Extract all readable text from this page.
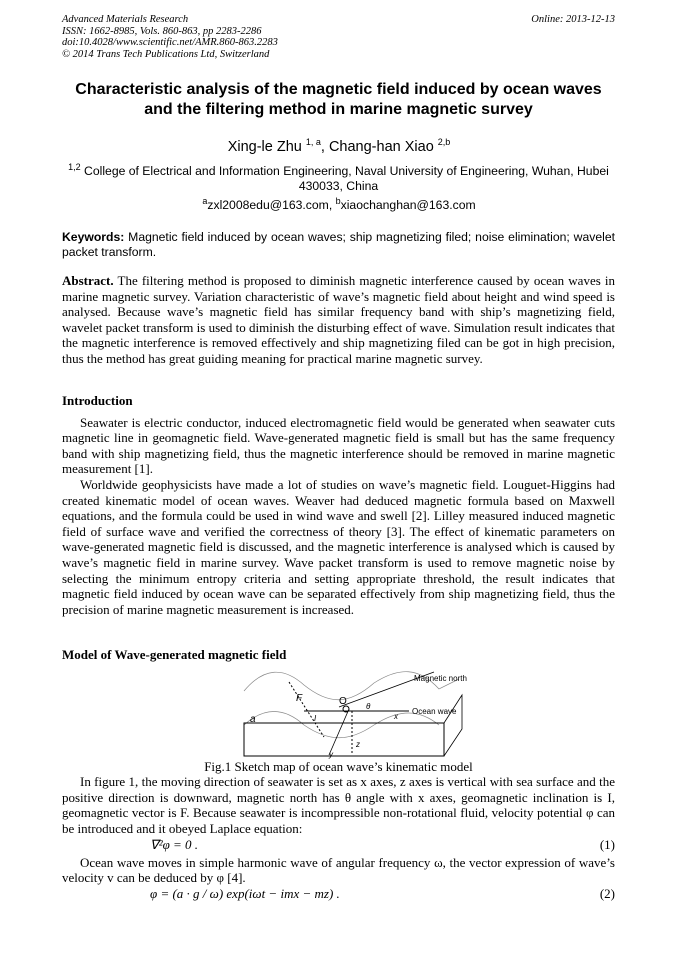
Advanced Materials Research
ISSN: 1662-8985, Vols. 860-863, pp 2283-2286
doi:10.4028/www.scientific.net/AMR.860-863.2283
© 2014 Trans Tech Publications Ltd, Switzerland
Online: 2013-12-13
Characteristic analysis of the magnetic field induced by ocean waves and the filtering method in marine magnetic survey
Xing-le Zhu $^{1, a}$, Chang-han Xiao $^{2,b}$
$^{1,2}$ College of Electrical and Information Engineering, Naval University of Engineering, Wuhan, Hubei 430033, China
$^a$zxl2008edu@163.com, $^b$xiaochanghan@163.com
Keywords: Magnetic field induced by ocean waves; ship magnetizing filed; noise elimination; wavelet packet transform.

Abstract. The filtering method is proposed to diminish magnetic interference caused by ocean waves in marine magnetic survey. Variation characteristic of wave’s magnetic field about height and wind speed is analysed. Because wave’s magnetic field has similar frequency band with ship’s magnetizing field, wavelet packet transform is used to diminish the disturbing effect of wave. Simulation result indicates that the magnetic interference is removed effectively and ship magnetizing filed can be got in high precision, thus the method has great guiding meaning for practical marine magnetic survey.

Introduction

Seawater is electric conductor, induced electromagnetic field would be generated when seawater cuts magnetic line in geomagnetic field. Wave-generated magnetic field is small but has the same frequency band with ship magnetizing field, thus the magnetic interference should be removed in marine magnetic measurement [1].

Worldwide geophysicists have made a lot of studies on wave’s magnetic field. Louguet-Higgins had created kinematic model of ocean waves. Weaver had deduced magnetic formula based on Maxwell equations, and the formula could be used in wind wave and swell [2]. Lilley measured induced magnetic field of surface wave and verified the correctness of theory [3]. The effect of kinematic parameters on wave-generated magnetic field is discussed, and the magnetic interference is analysed which is caused by wave’s magnetic field in marine survey. Wave packet transform is used to remove magnetic noise by selecting the minimum entropy criteria and setting appropriate threshold, the result indicates that magnetic field induced by ocean wave can be separated effectively from ship magnetizing field, thus the precision of marine magnetic measurement is increased.

Model of Wave-generated magnetic field
Magnetic north
Ocean wave
F	O θ
I	x
y
z
a
Fig.1 Sketch map of ocean wave’s kinematic model

In figure 1, the moving direction of seawater is set as x axes, z axes is vertical with sea surface and the positive direction is downward, magnetic north has θ angle with x axes, geomagnetic inclination is I, geomagnetic vector is F. Because seawater is incompressible non-rotational fluid, velocity potential φ can be introduced and it obeyed Laplace equation:

∇²φ = 0 .	(1)

Ocean wave moves in simple harmonic wave of angular frequency ω, the vector expression of wave’s velocity v can be deduced by φ [4].

φ = (a · g / ω) exp(iωt − imx − mz) .	(2)
